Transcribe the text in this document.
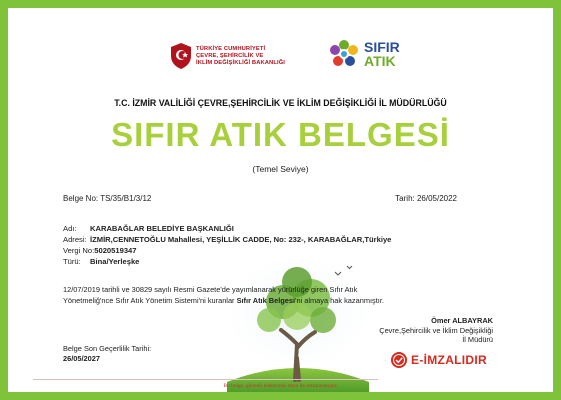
TÜRKİYE CUMHURİYETİ
ÇEVRE, ŞEHİRCİLİK VE
İKLİM DEĞİŞİKLİĞİ BAKANLIĞI
SIFIR
ATIK
T.C. İZMİR VALİLİĞİ ÇEVRE,ŞEHİRCİLİK VE İKLİM DEĞİŞİKLİĞİ İL MÜDÜRLÜĞÜ
SIFIR ATIK BELGESİ
(Temel Seviye)
Belge No: TS/35/B1/3/12	Tarih: 26/05/2022
Adı:	KARABAĞLAR BELEDİYE BAŞKANLIĞI
Adresi: İZMİR,CENNETOĞLU Mahallesi, YEŞİLLİK CADDE, No: 232-, KARABAĞLAR,Türkiye
Vergi No: 5020519347
Türü:	Bina/Yerleşke
12/07/2019 tarihli ve 30829 sayılı Resmi Gazete'de yayımlanarak yürürlüğe giren Sıfır Atık
Yönetmeliğ'nce Sıfır Atık Yönetim Sistemi'ni kuranlar Sıfır Atık Belgesi'ni almaya hak kazanmıştır.
Ömer ALBAYRAK
Çevre,Şehircilik ve İklim Değişikliği
İl Müdürü
E-İMZALIDIR
Belge Son Geçerlilik Tarihi:
26/05/2027
Bu belge, güvenli elektronik imza ile imzalanmıştır.
